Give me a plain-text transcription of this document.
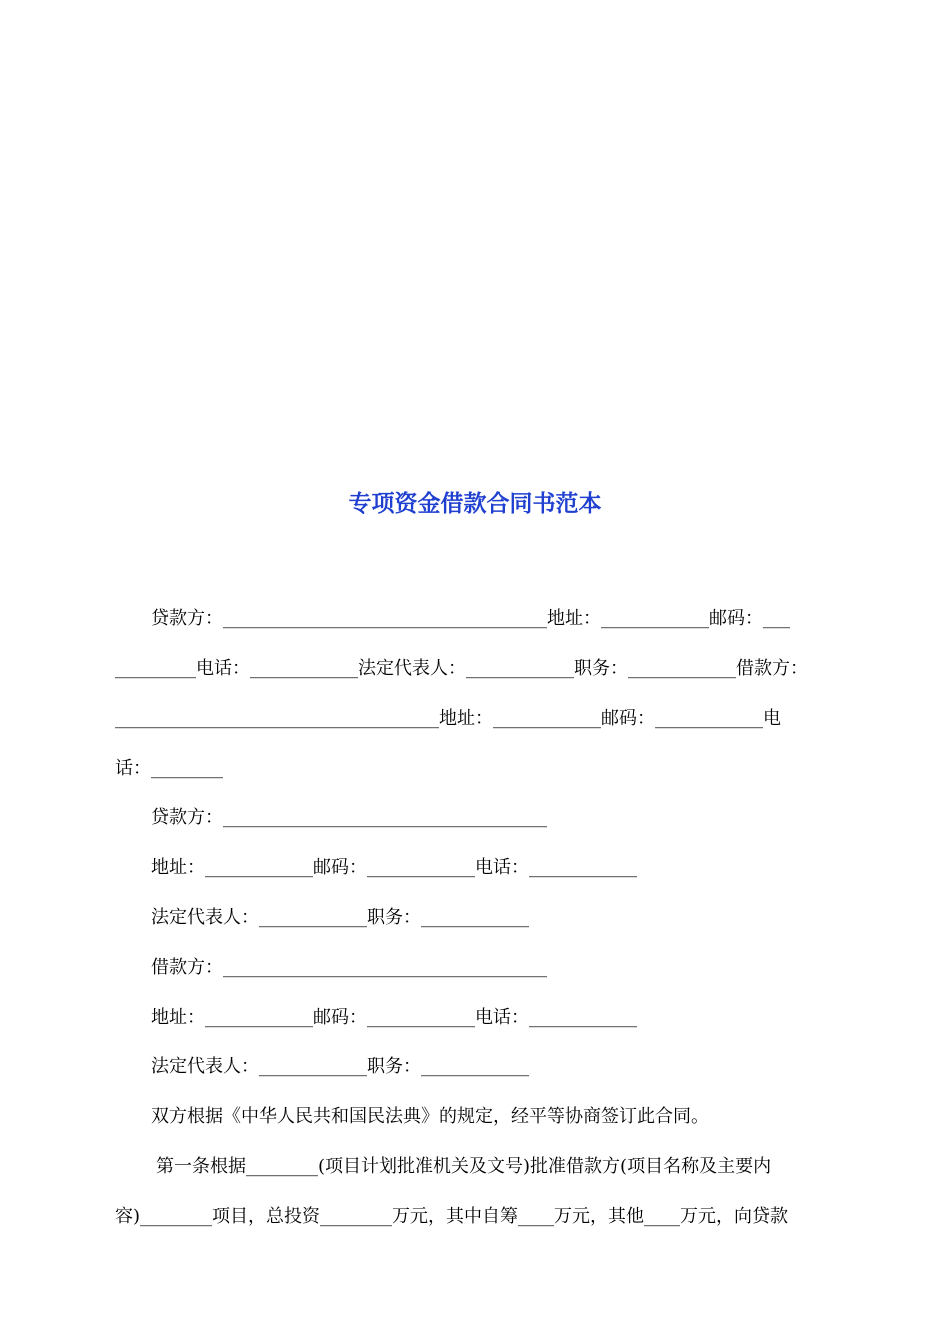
专项资金借款合同书范本
贷款方：____________________________________地址：____________邮码：___
_________电话：____________法定代表人：____________职务：____________借款方：
____________________________________地址：____________邮码：____________电
话：________
贷款方：____________________________________
地址：____________邮码：____________电话：____________
法定代表人：____________职务：____________
借款方：____________________________________
地址：____________邮码：____________电话：____________
法定代表人：____________职务：____________
双方根据《中华人民共和国民法典》的规定，经平等协商签订此合同。
第一条根据________(项目计划批准机关及文号)批准借款方(项目名称及主要内
容)________项目，总投资________万元，其中自筹____万元，其他____万元，向贷款
